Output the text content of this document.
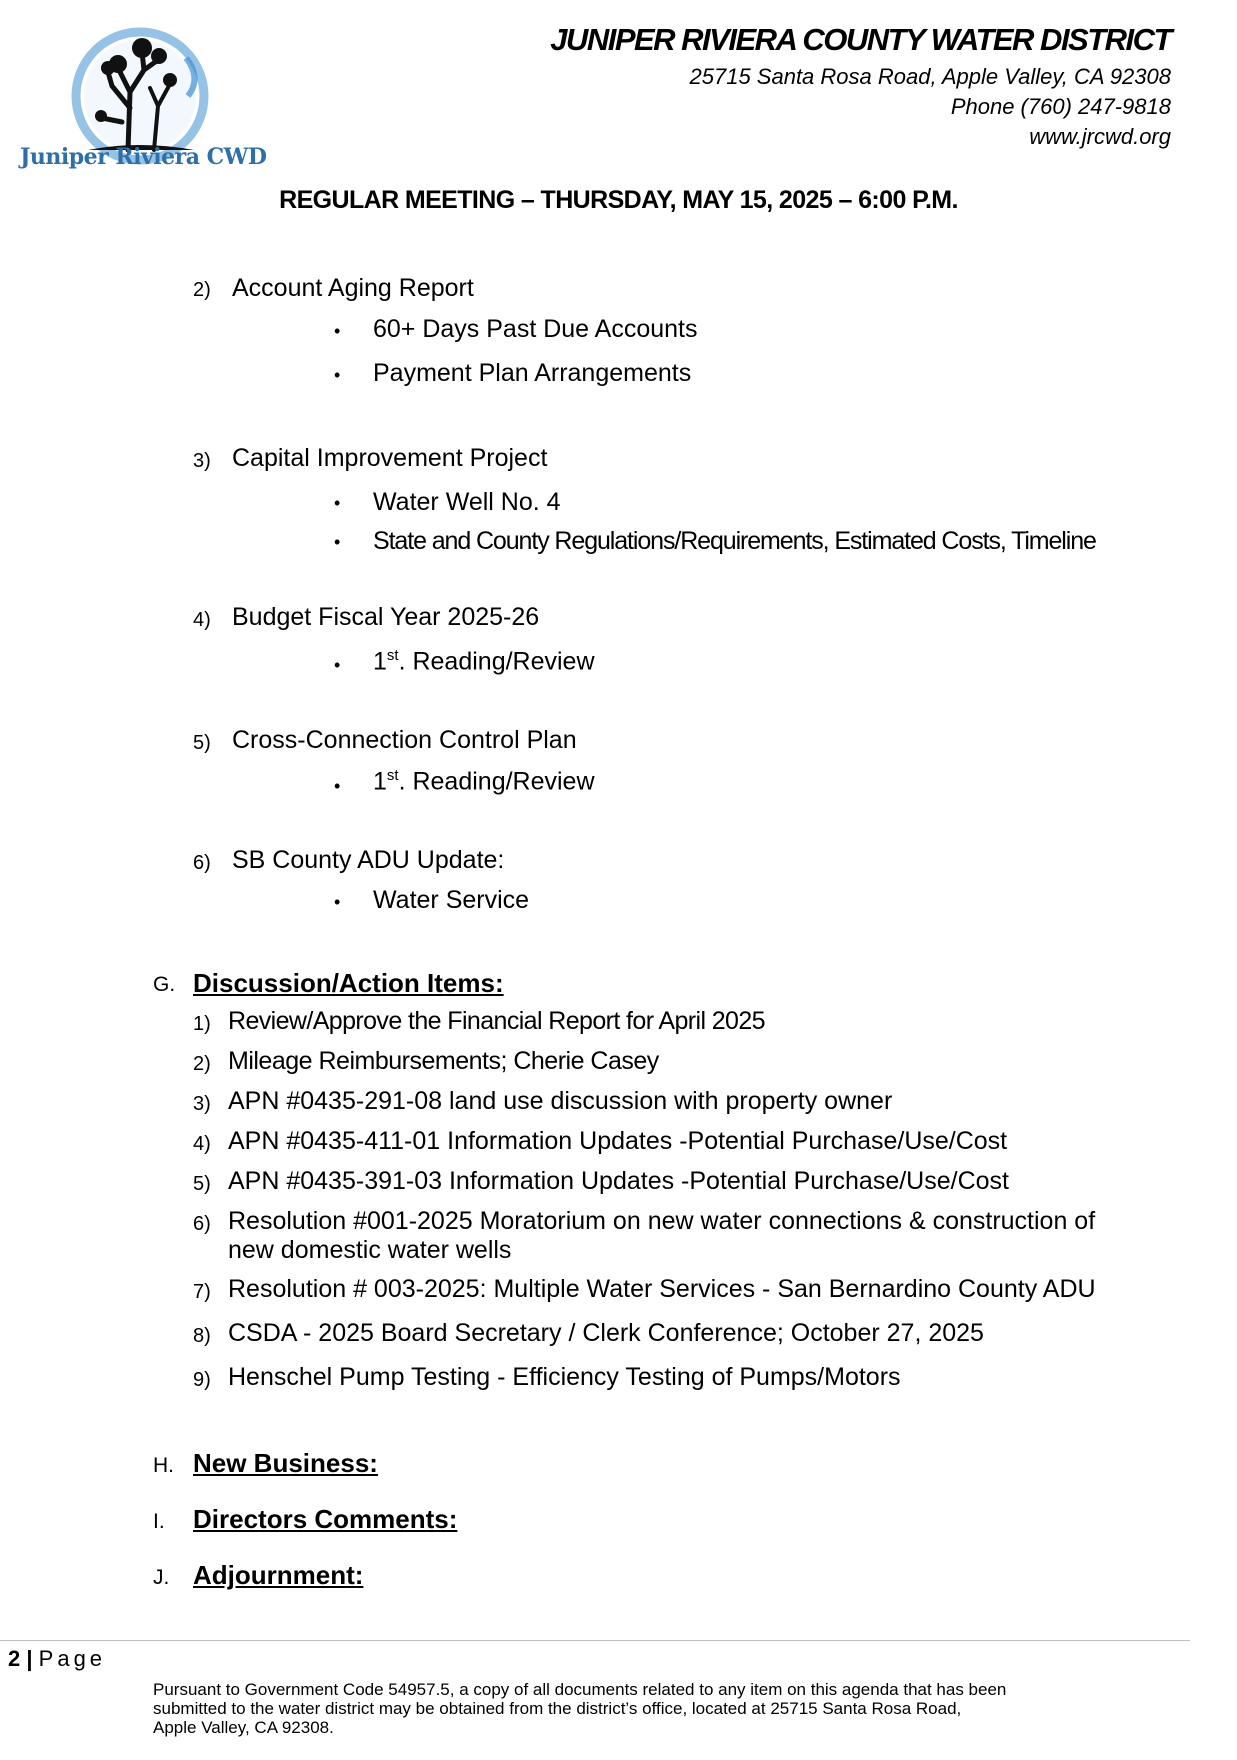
Juniper Riviera CWD
JUNIPER RIVIERA COUNTY WATER DISTRICT
25715 Santa Rosa Road, Apple Valley, CA 92308
Phone (760) 247-9818
www.jrcwd.org
REGULAR MEETING – THURSDAY, MAY 15, 2025 – 6:00 P.M.
2) Account Aging Report
• 60+ Days Past Due Accounts
• Payment Plan Arrangements
3) Capital Improvement Project
• Water Well No. 4
• State and County Regulations/Requirements, Estimated Costs, Timeline
4) Budget Fiscal Year 2025-26
• 1st. Reading/Review
5) Cross-Connection Control Plan
• 1st. Reading/Review
6) SB County ADU Update:
• Water Service
G. Discussion/Action Items:
1) Review/Approve the Financial Report for April 2025
2) Mileage Reimbursements; Cherie Casey
3) APN #0435-291-08 land use discussion with property owner
4) APN #0435-411-01 Information Updates -Potential Purchase/Use/Cost
5) APN #0435-391-03 Information Updates -Potential Purchase/Use/Cost
6) Resolution #001-2025 Moratorium on new water connections & construction of
new domestic water wells
7) Resolution # 003-2025: Multiple Water Services - San Bernardino County ADU
8) CSDA - 2025 Board Secretary / Clerk Conference; October 27, 2025
9) Henschel Pump Testing - Efficiency Testing of Pumps/Motors
H. New Business:
I. Directors Comments:
J. Adjournment:
2 | Page
Pursuant to Government Code 54957.5, a copy of all documents related to any item on this agenda that has been
submitted to the water district may be obtained from the district’s office, located at 25715 Santa Rosa Road,
Apple Valley, CA 92308.
